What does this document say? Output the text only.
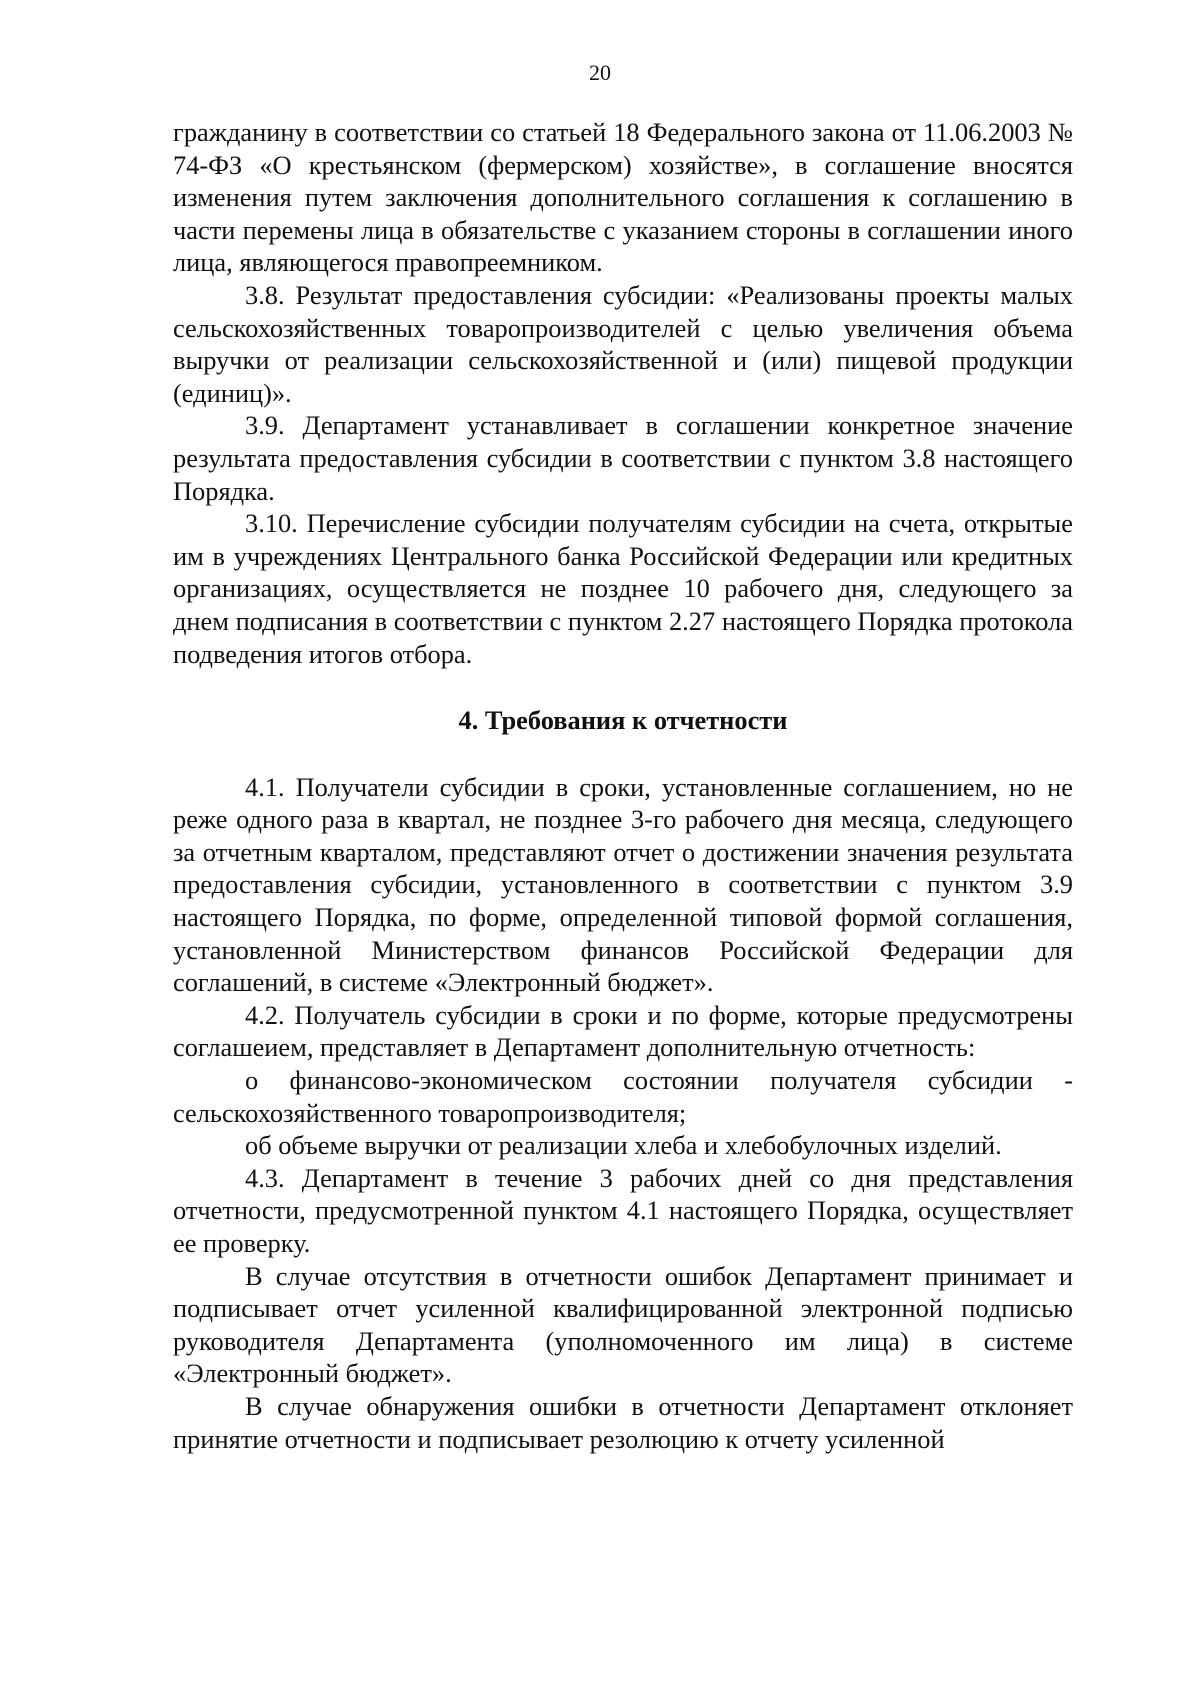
20

гражданину в соответствии со статьей 18 Федерального закона от 11.06.2003 № 74-ФЗ «О крестьянском (фермерском) хозяйстве», в соглашение вносятся изменения путем заключения дополнительного соглашения к соглашению в части перемены лица в обязательстве с указанием стороны в соглашении иного лица, являющегося правопреемником.

3.8. Результат предоставления субсидии: «Реализованы проекты малых сельскохозяйственных товаропроизводителей с целью увеличения объема выручки от реализации сельскохозяйственной и (или) пищевой продукции (единиц)».

3.9. Департамент устанавливает в соглашении конкретное значение результата предоставления субсидии в соответствии с пунктом 3.8 настоящего Порядка.

3.10. Перечисление субсидии получателям субсидии на счета, открытые им в учреждениях Центрального банка Российской Федерации или кредитных организациях, осуществляется не позднее 10 рабочего дня, следующего за днем подписания в соответствии с пунктом 2.27 настоящего Порядка протокола подведения итогов отбора.

4. Требования к отчетности

4.1. Получатели субсидии в сроки, установленные соглашением, но не реже одного раза в квартал, не позднее 3-го рабочего дня месяца, следующего за отчетным кварталом, представляют отчет о достижении значения результата предоставления субсидии, установленного в соответствии с пунктом 3.9 настоящего Порядка, по форме, определенной типовой формой соглашения, установленной Министерством финансов Российской Федерации для соглашений, в системе «Электронный бюджет».

4.2. Получатель субсидии в сроки и по форме, которые предусмотрены соглашеием, представляет в Департамент дополнительную отчетность:

о финансово-экономическом состоянии получателя субсидии - сельскохозяйственного товаропроизводителя;

об объеме выручки от реализации хлеба и хлебобулочных изделий.

4.3. Департамент в течение 3 рабочих дней со дня представления отчетности, предусмотренной пунктом 4.1 настоящего Порядка, осуществляет ее проверку.

В случае отсутствия в отчетности ошибок Департамент принимает и подписывает отчет усиленной квалифицированной электронной подписью руководителя Департамента (уполномоченного им лица) в системе «Электронный бюджет».

В случае обнаружения ошибки в отчетности Департамент отклоняет принятие отчетности и подписывает резолюцию к отчету усиленной
